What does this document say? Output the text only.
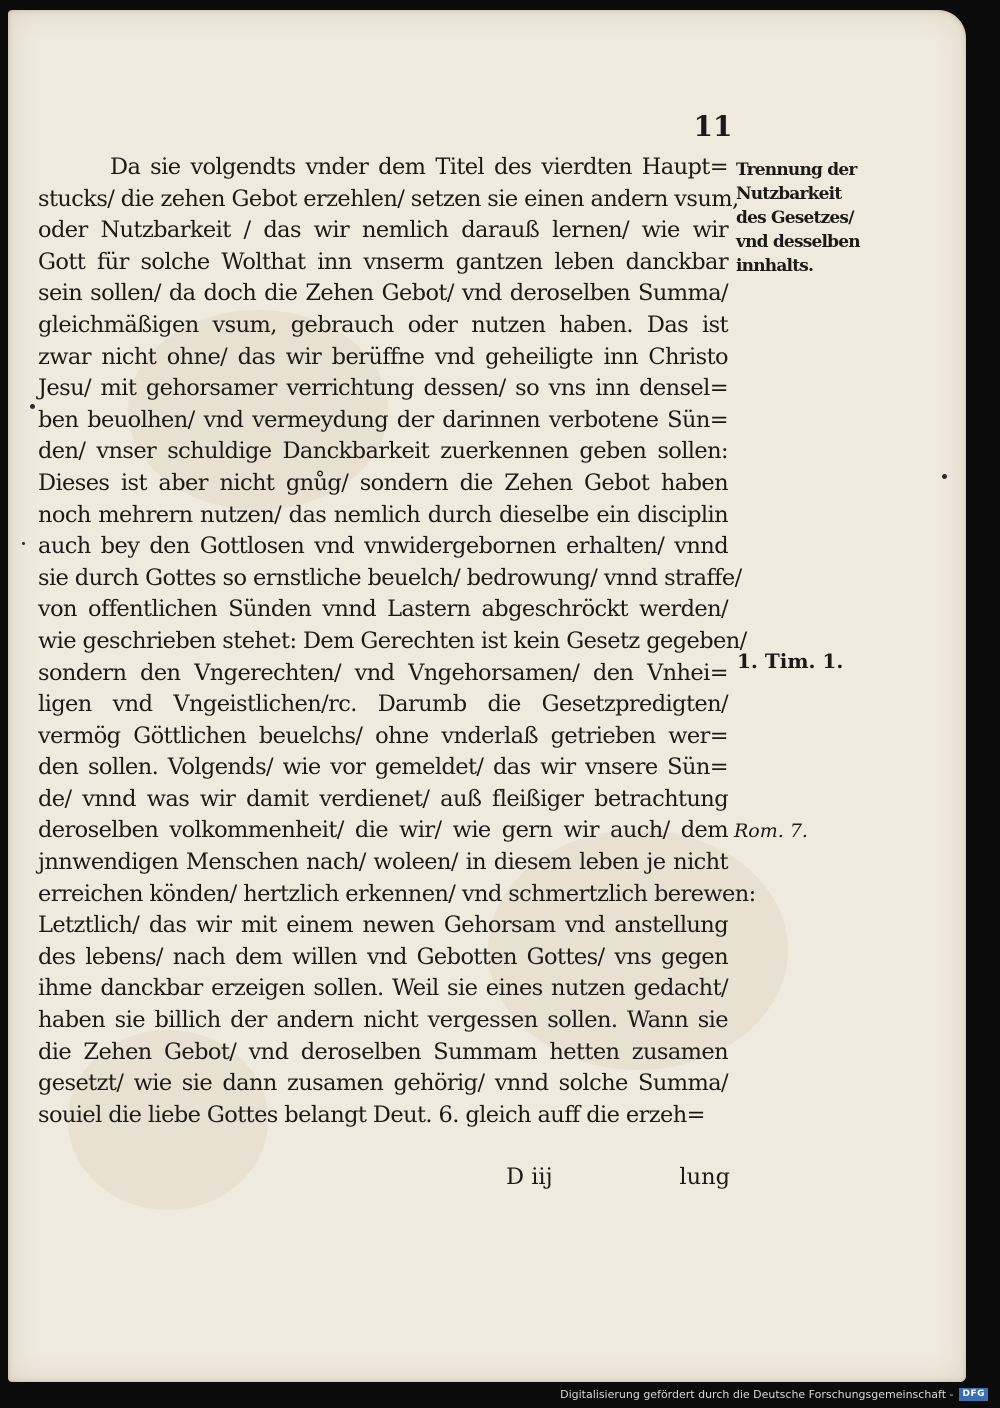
11
Da sie volgendts vnder dem Titel des vierdten Haupt=
stucks/ die zehen Gebot erzehlen/ setzen sie einen andern vsum,
oder Nutzbarkeit / das wir nemlich darauß lernen/ wie wir
Gott für solche Wolthat inn vnserm gantzen leben danckbar
sein sollen/ da doch die Zehen Gebot/ vnd deroselben Summa/
gleichmäßigen vsum, gebrauch oder nutzen haben. Das ist
zwar nicht ohne/ das wir berüffne vnd geheiligte inn Christo
Jesu/ mit gehorsamer verrichtung dessen/ so vns inn densel=
ben beuolhen/ vnd vermeydung der darinnen verbotene Sün=
den/ vnser schuldige Danckbarkeit zuerkennen geben sollen:
Dieses ist aber nicht gnůg/ sondern die Zehen Gebot haben
noch mehrern nutzen/ das nemlich durch dieselbe ein disciplin
auch bey den Gottlosen vnd vnwidergebornen erhalten/ vnnd
sie durch Gottes so ernstliche beuelch/ bedrowung/ vnnd straffe/
von offentlichen Sünden vnnd Lastern abgeschröckt werden/
wie geschrieben stehet: Dem Gerechten ist kein Gesetz gegeben/
sondern den Vngerechten/ vnd Vngehorsamen/ den Vnhei=
ligen vnd Vngeistlichen/rc. Darumb die Gesetzpredigten/
vermög Göttlichen beuelchs/ ohne vnderlaß getrieben wer=
den sollen. Volgends/ wie vor gemeldet/ das wir vnsere Sün=
de/ vnnd was wir damit verdienet/ auß fleißiger betrachtung
deroselben volkommenheit/ die wir/ wie gern wir auch/ dem
jnnwendigen Menschen nach/ woleen/ in diesem leben je nicht
erreichen könden/ hertzlich erkennen/ vnd schmertzlich berewen:
Letztlich/ das wir mit einem newen Gehorsam vnd anstellung
des lebens/ nach dem willen vnd Gebotten Gottes/ vns gegen
ihme danckbar erzeigen sollen. Weil sie eines nutzen gedacht/
haben sie billich der andern nicht vergessen sollen. Wann sie
die Zehen Gebot/ vnd deroselben Summam hetten zusamen
gesetzt/ wie sie dann zusamen gehörig/ vnnd solche Summa/
souiel die liebe Gottes belangt Deut. 6. gleich auff die erzeh=
Trennung der
Nutzbarkeit
des Gesetzes/
vnd desselben
innhalts.
1. Tim. 1.
Rom. 7.
D iij	lung
Digitalisierung gefördert durch die Deutsche Forschungsgemeinschaft -	DFG
